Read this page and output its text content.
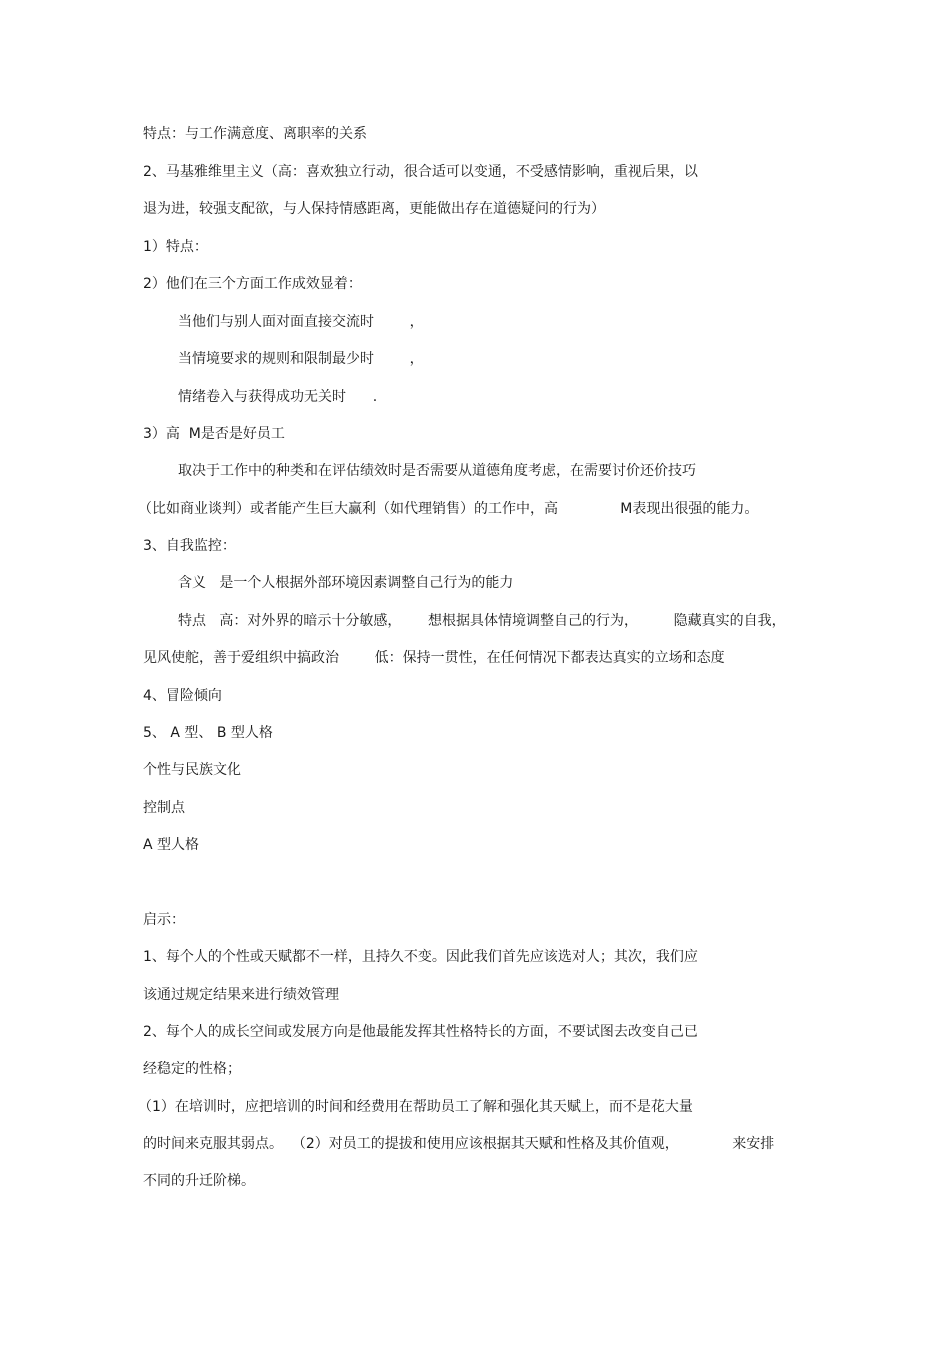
特点：与工作满意度、离职率的关系

2、马基雅维里主义（高：喜欢独立行动，很合适可以变通，不受感情影响，重视后果，以

退为进，较强支配欲，与人保持情感距离，更能做出存在道德疑问的行为）

1）特点：

2）他们在三个方面工作成效显着：

当他们与别人面对面直接交流时        ，

当情境要求的规则和限制最少时        ，

情绪卷入与获得成功无关时      .

3）高  M是否是好员工

取决于工作中的种类和在评估绩效时是否需要从道德角度考虑，在需要讨价还价技巧

（比如商业谈判）或者能产生巨大赢利（如代理销售）的工作中，高              M表现出很强的能力。

3、自我监控：

含义   是一个人根据外部环境因素调整自己行为的能力

特点   高：对外界的暗示十分敏感，      想根据具体情境调整自己的行为，        隐藏真实的自我，

见风使舵，善于爱组织中搞政治        低：保持一贯性，在任何情况下都表达真实的立场和态度

4、冒险倾向

5、 A 型、 B 型人格

个性与民族文化

控制点

A 型人格

启示：

1、每个人的个性或天赋都不一样，且持久不变。因此我们首先应该选对人；其次，我们应

该通过规定结果来进行绩效管理

2、每个人的成长空间或发展方向是他最能发挥其性格特长的方面，不要试图去改变自己已

经稳定的性格；

（1）在培训时，应把培训的时间和经费用在帮助员工了解和强化其天赋上，而不是花大量

的时间来克服其弱点。  （2）对员工的提拔和使用应该根据其天赋和性格及其价值观，            来安排

不同的升迁阶梯。
